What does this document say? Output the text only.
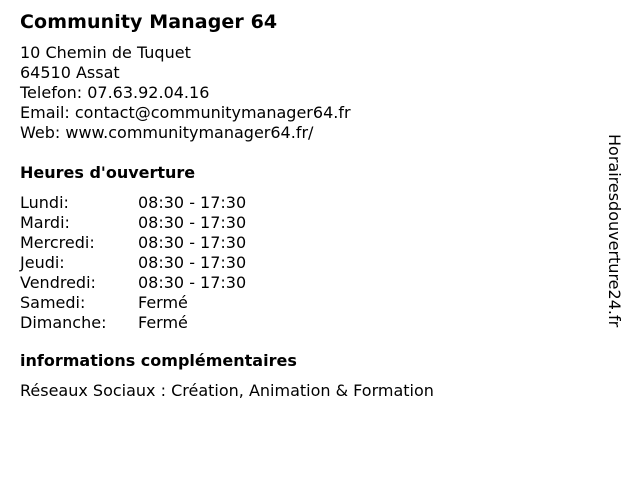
Community Manager 64
10 Chemin de Tuquet
64510 Assat
Telefon: 07.63.92.04.16
Email: contact@communitymanager64.fr
Web: www.communitymanager64.fr/
Heures d'ouverture
Lundi:	08:30 - 17:30
Mardi:	08:30 - 17:30
Mercredi:	08:30 - 17:30
Jeudi:	08:30 - 17:30
Vendredi:	08:30 - 17:30
Samedi:	Fermé
Dimanche:	Fermé
informations complémentaires
Réseaux Sociaux : Création, Animation & Formation
Horairesdouverture24.fr
